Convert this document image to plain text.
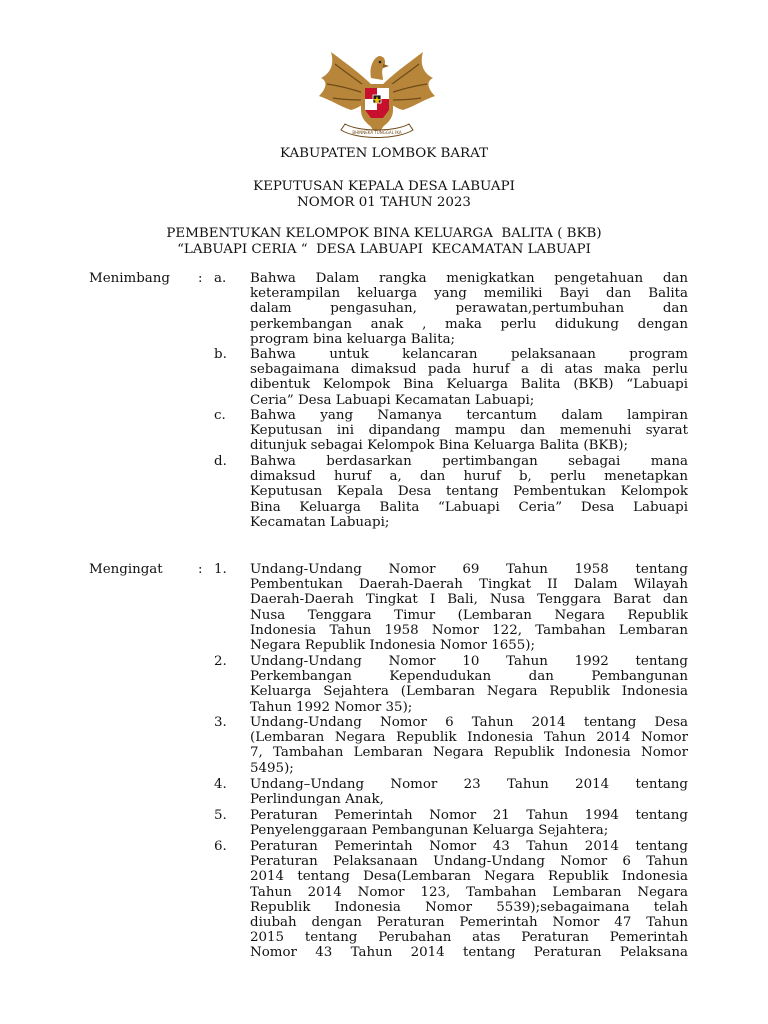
BHINNEKA TUNGGAL IKA
KABUPATEN LOMBOK BARAT
KEPUTUSAN KEPALA DESA LABUAPI
NOMOR 01 TAHUN 2023
PEMBENTUKAN KELOMPOK BINA KELUARGA  BALITA ( BKB)
“LABUAPI CERIA “  DESA LABUAPI  KECAMATAN LABUAPI
Menimbang : a. Bahwa Dalam rangka menigkatkan pengetahuan dan
keterampilan keluarga yang memiliki Bayi dan Balita
dalam pengasuhan, perawatan,pertumbuhan dan
perkembangan anak , maka perlu didukung dengan
program bina keluarga Balita;
b. Bahwa untuk kelancaran pelaksanaan program
sebagaimana dimaksud pada huruf a di atas maka perlu
dibentuk Kelompok Bina Keluarga Balita (BKB) “Labuapi
Ceria” Desa Labuapi Kecamatan Labuapi;
c. Bahwa yang Namanya tercantum dalam lampiran
Keputusan ini dipandang mampu dan memenuhi syarat
ditunjuk sebagai Kelompok Bina Keluarga Balita (BKB);
d. Bahwa berdasarkan pertimbangan sebagai mana
dimaksud huruf a, dan huruf b, perlu menetapkan
Keputusan Kepala Desa tentang Pembentukan Kelompok
Bina Keluarga Balita “Labuapi Ceria” Desa Labuapi
Kecamatan Labuapi;
Mengingat	: 1. Undang-Undang Nomor 69 Tahun 1958 tentang
Pembentukan Daerah-Daerah Tingkat II Dalam Wilayah
Daerah-Daerah Tingkat I Bali, Nusa Tenggara Barat dan
Nusa Tenggara Timur (Lembaran Negara Republik
Indonesia Tahun 1958 Nomor 122, Tambahan Lembaran
Negara Republik Indonesia Nomor 1655);
2. Undang-Undang Nomor 10 Tahun 1992 tentang
Perkembangan Kependudukan dan Pembangunan
Keluarga Sejahtera (Lembaran Negara Republik Indonesia
Tahun 1992 Nomor 35);
3. Undang-Undang Nomor 6 Tahun 2014 tentang Desa
(Lembaran Negara Republik Indonesia Tahun 2014 Nomor
7, Tambahan Lembaran Negara Republik Indonesia Nomor
5495);
4. Undang–Undang Nomor 23 Tahun 2014 tentang
Perlindungan Anak,
5. Peraturan Pemerintah Nomor 21 Tahun 1994 tentang
Penyelenggaraan Pembangunan Keluarga Sejahtera;
6. Peraturan Pemerintah Nomor 43 Tahun 2014 tentang
Peraturan Pelaksanaan Undang-Undang Nomor 6 Tahun
2014 tentang Desa(Lembaran Negara Republik Indonesia
Tahun 2014 Nomor 123, Tambahan Lembaran Negara
Republik Indonesia Nomor 5539);sebagaimana telah
diubah dengan Peraturan Pemerintah Nomor 47 Tahun
2015 tentang Perubahan atas Peraturan Pemerintah
Nomor 43 Tahun 2014 tentang Peraturan Pelaksana
